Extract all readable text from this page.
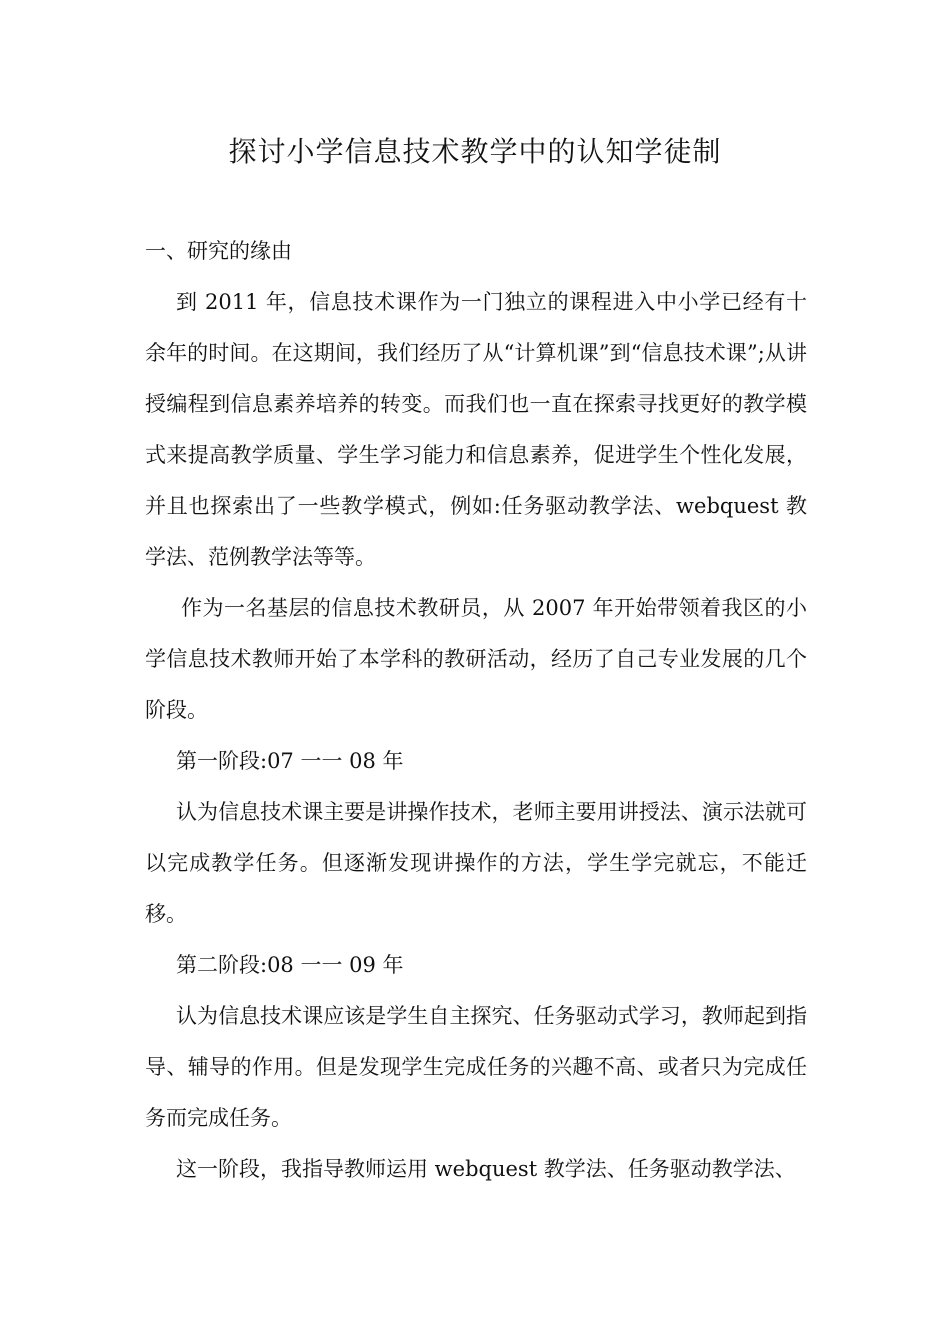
探讨小学信息技术教学中的认知学徒制

一、研究的缘由

到 2011 年，信息技术课作为一门独立的课程进入中小学已经有十余年的时间。在这期间，我们经历了从“计算机课”到“信息技术课”;从讲授编程到信息素养培养的转变。而我们也一直在探索寻找更好的教学模式来提高教学质量、学生学习能力和信息素养，促进学生个性化发展，并且也探索出了一些教学模式，例如:任务驱动教学法、webquest 教学法、范例教学法等等。

作为一名基层的信息技术教研员，从 2007 年开始带领着我区的小学信息技术教师开始了本学科的教研活动，经历了自己专业发展的几个阶段。

第一阶段:07 一一 08 年

认为信息技术课主要是讲操作技术，老师主要用讲授法、演示法就可以完成教学任务。但逐渐发现讲操作的方法，学生学完就忘，不能迁移。

第二阶段:08 一一 09 年

认为信息技术课应该是学生自主探究、任务驱动式学习，教师起到指导、辅导的作用。但是发现学生完成任务的兴趣不高、或者只为完成任务而完成任务。

这一阶段，我指导教师运用 webquest 教学法、任务驱动教学法、
